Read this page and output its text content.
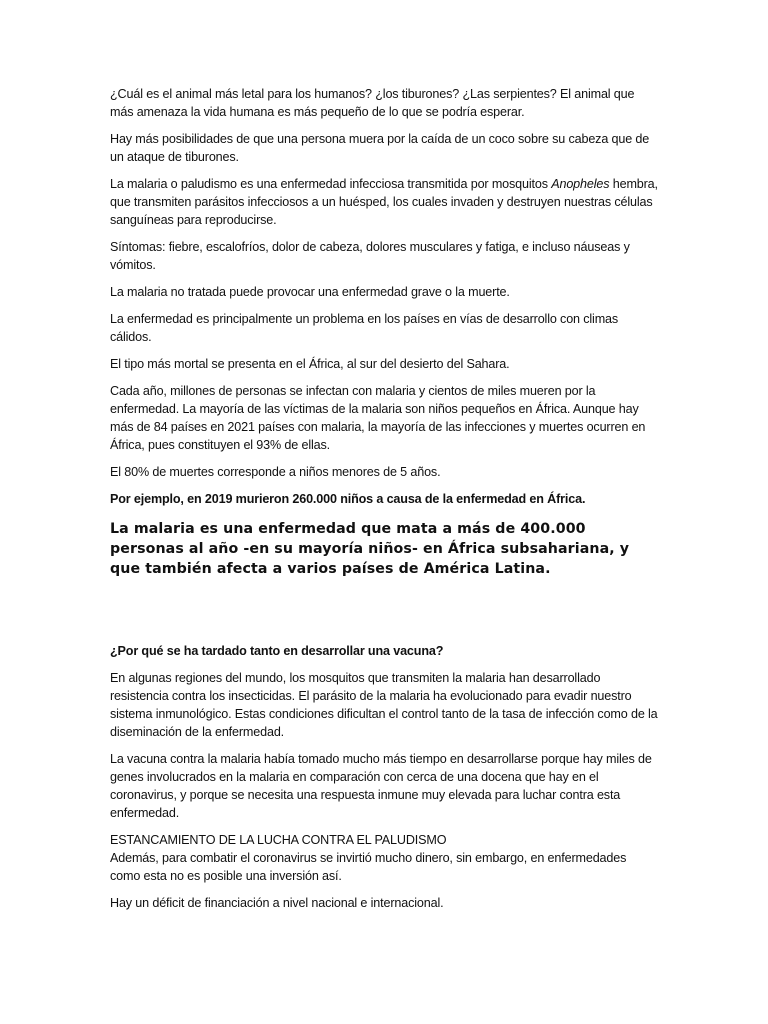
¿Cuál es el animal más letal para los humanos? ¿los tiburones? ¿Las serpientes? El animal que más amenaza la vida humana es más pequeño de lo que se podría esperar.

Hay más posibilidades de que una persona muera por la caída de un coco sobre su cabeza que de un ataque de tiburones.

La malaria o paludismo es una enfermedad infecciosa transmitida por mosquitos Anopheles hembra, que transmiten parásitos infecciosos a un huésped, los cuales invaden y destruyen nuestras células sanguíneas para reproducirse.

Síntomas: fiebre, escalofríos, dolor de cabeza, dolores musculares y fatiga, e incluso náuseas y vómitos.

La malaria no tratada puede provocar una enfermedad grave o la muerte.

La enfermedad es principalmente un problema en los países en vías de desarrollo con climas cálidos.

El tipo más mortal se presenta en el África, al sur del desierto del Sahara.

Cada año, millones de personas se infectan con malaria y cientos de miles mueren por la enfermedad. La mayoría de las víctimas de la malaria son niños pequeños en África. Aunque hay más de 84 países en 2021 países con malaria, la mayoría de las infecciones y muertes ocurren en África, pues constituyen el 93% de ellas.

El 80% de muertes corresponde a niños menores de 5 años.

Por ejemplo, en 2019 murieron 260.000 niños a causa de la enfermedad en África.

La malaria es una enfermedad que mata a más de 400.000 personas al año -en su mayoría niños- en África subsahariana, y que también afecta a varios países de América Latina.

¿Por qué se ha tardado tanto en desarrollar una vacuna?

En algunas regiones del mundo, los mosquitos que transmiten la malaria han desarrollado resistencia contra los insecticidas. El parásito de la malaria ha evolucionado para evadir nuestro sistema inmunológico. Estas condiciones dificultan el control tanto de la tasa de infección como de la diseminación de la enfermedad.

La vacuna contra la malaria había tomado mucho más tiempo en desarrollarse porque hay miles de genes involucrados en la malaria en comparación con cerca de una docena que hay en el coronavirus, y porque se necesita una respuesta inmune muy elevada para luchar contra esta enfermedad.

ESTANCAMIENTO DE LA LUCHA CONTRA EL PALUDISMO

Además, para combatir el coronavirus se invirtió mucho dinero, sin embargo, en enfermedades como esta no es posible una inversión así.

Hay un déficit de financiación a nivel nacional e internacional.
